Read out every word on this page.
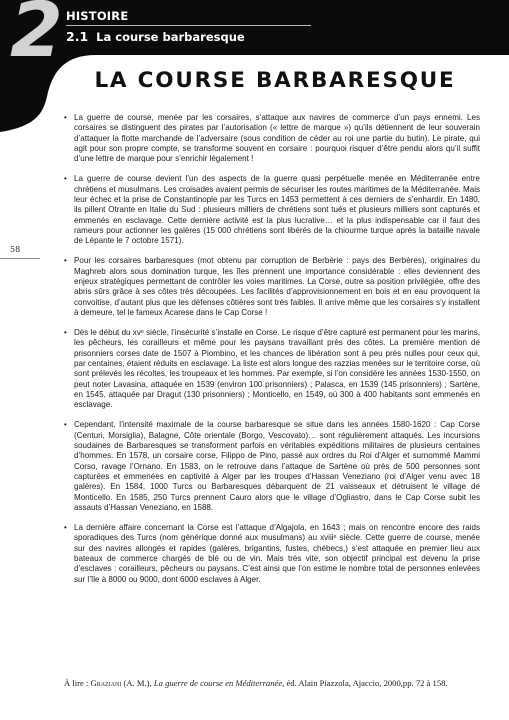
2 HISTOIRE
2.1 La course barbaresque
58
LA COURSE BARBARESQUE
• La guerre de course, menée par les corsaires, s’attaque aux navires de commerce d’un pays ennemi. Les corsaires se distinguent des pirates par l’autorisation (« lettre de marque ») qu’ils détiennent de leur souverain d’attaquer la flotte marchande de l’adversaire (sous condition de céder au roi une partie du butin). Le pirate, qui agit pour son propre compte, se transforme souvent en corsaire : pourquoi risquer d’être pendu alors qu’il suffit d’une lettre de marque pour s’enrichir légalement !
• La guerre de course devient l’un des aspects de la guerre quasi perpétuelle menée en Méditerranée entre chrétiens et musulmans. Les croisades avaient permis de sécuriser les routes maritimes de la Méditerranée. Mais leur échec et la prise de Constantinople par les Turcs en 1453 permettent à ces derniers de s’enhardir. En 1480, ils pillent Otrante en Italie du Sud : plusieurs milliers de chrétiens sont tués et plusieurs milliers sont capturés et emmenés en esclavage. Cette dernière activité est la plus lucrative… et la plus indispensable car il faut des rameurs pour actionner les galères (15 000 chrétiens sont libérés de la chiourme turque après la bataille navale de Lépante le 7 octobre 1571).
• Pour les corsaires barbaresques (mot obtenu par corruption de Berbérie : pays des Berbères), originaires du Maghreb alors sous domination turque, les îles prennent une importance considérable : elles deviennent des enjeux stratégiques permettant de contrôler les voies maritimes. La Corse, outre sa position privilégiée, offre des abris sûrs grâce à ses côtes très découpées. Les facilités d’approvisionnement en bois et en eau provoquent la convoitise, d’autant plus que les défenses côtières sont très faibles. Il arrive même que les corsaires s’y installent à demeure, tel le fameux Acarese dans le Cap Corse !
• Dès le début du xvᵉ siècle, l’insécurité s’installe en Corse. Le risque d’être capturé est permanent pour les marins, les pêcheurs, les corailleurs et même pour les paysans travaillant près des côtes. La première mention de prisonniers corses date de 1507 à Piombino, et les chances de libération sont à peu près nulles pour ceux qui, par centaines, étaient réduits en esclavage. La liste est alors longue des razzias menées sur le territoire corse, où sont prélevés les récoltes, les troupeaux et les hommes. Par exemple, si l’on considère les années 1530-1550, on peut noter Lavasina, attaquée en 1539 (environ 100 prisonniers) ; Palasca, en 1539 (145 prisonniers) ; Sartène, en 1545, attaquée par Dragut (130 prisonniers) ; Monticello, en 1549, où 300 à 400 habitants sont emmenés en esclavage.
• Cependant, l’intensité maximale de la course barbaresque se situe dans les années 1580-1620 : Cap Corse (Centuri, Morsiglia), Balagne, Côte orientale (Borgo, Vescovato)… sont régulièrement attaqués. Les incursions soudaines de Barbaresques se transforment parfois en véritables expéditions militaires de plusieurs centaines d’hommes. En 1578, un corsaire corse, Filippo de Pino, passé aux ordres du Roi d’Alger et surnommé Mammi Corso, ravage l’Ornano. En 1583, on le retrouve dans l’attaque de Sartène où près de 500 personnes sont capturées et emmenées en captivité à Alger par les troupes d’Hassan Veneziano (roi d’Alger venu avec 18 galères). En 1584, 1000 Turcs ou Barbaresques débarquent de 21 vaisseaux et détruisent le village de Monticello. En 1585, 250 Turcs prennent Cauro alors que le village d’Ogliastro, dans le Cap Corse subit les assauts d’Hassan Veneziano, en 1588.
• La dernière affaire concernant la Corse est l’attaque d’Algajola, en 1643 ; mais on rencontre encore des raids sporadiques des Turcs (nom générique donné aux musulmans) au xviiiᵉ siècle. Cette guerre de course, menée sur des navires allongés et rapides (galères, brigantins, fustes, chébecs,) s’est attaquée en premier lieu aux bateaux de commerce chargés de blé ou de vin. Mais très vite, son objectif principal est devenu la prise d’esclaves : corailleurs, pêcheurs ou paysans. C’est ainsi que l’on estime le nombre total de personnes enlevées sur l’île à 8000 ou 9000, dont 6000 esclaves à Alger.
À lire : Graziani (A. M.), La guerre de course en Méditerranée, éd. Alain Piazzola, Ajaccio, 2000,pp. 72 à 158.
